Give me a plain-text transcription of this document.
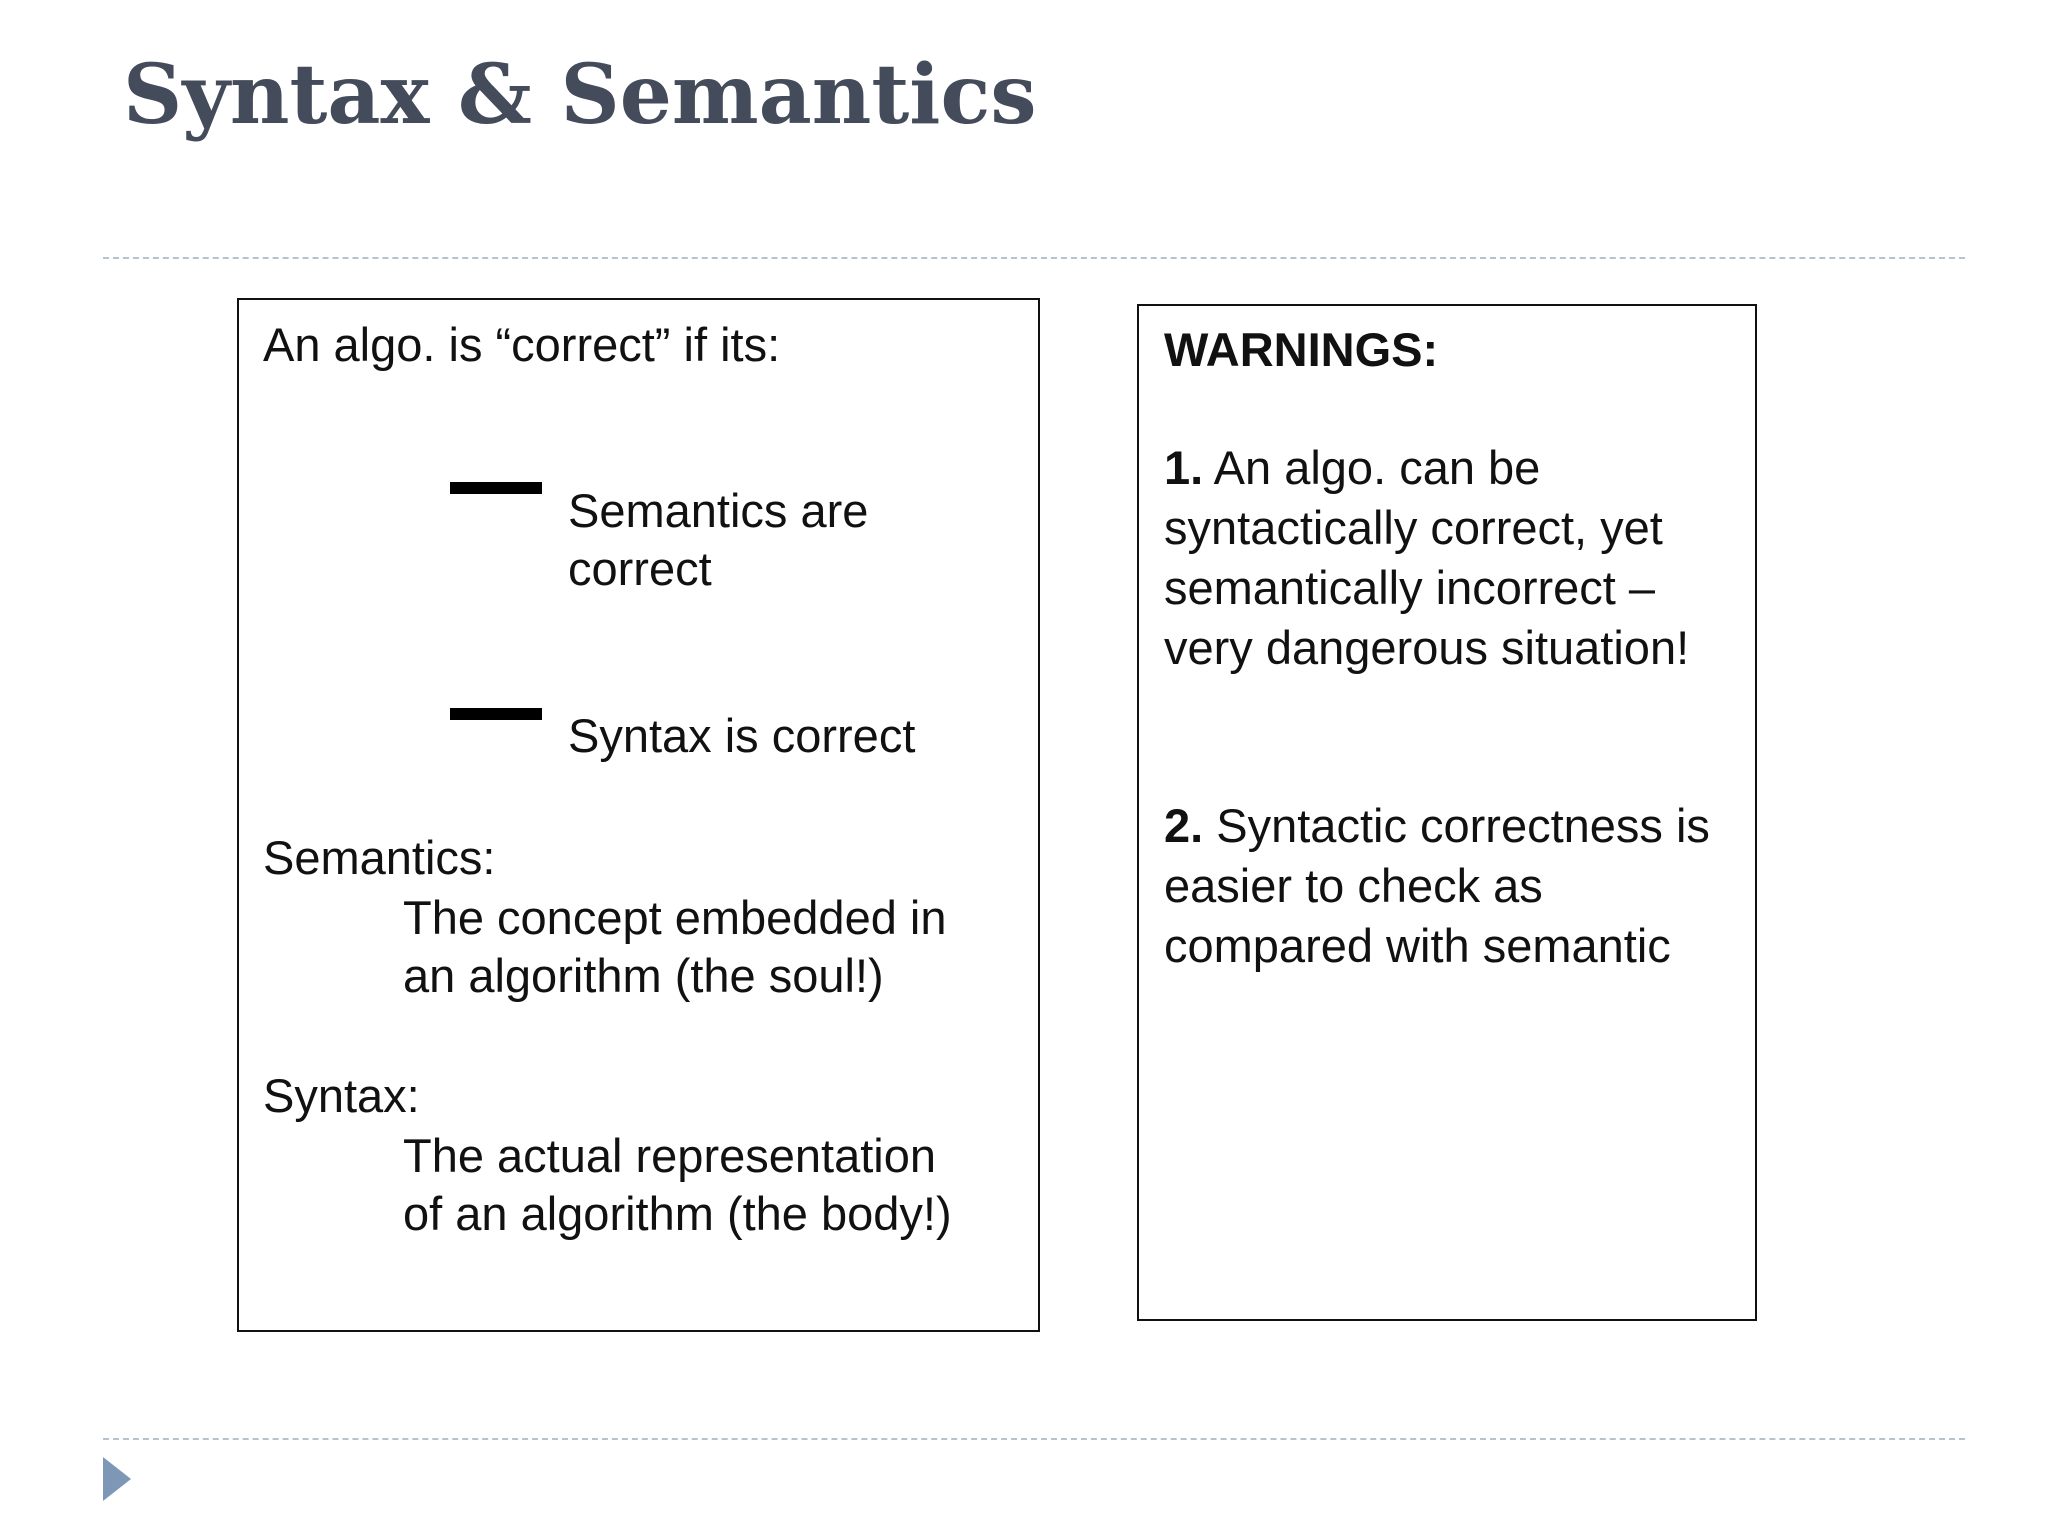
Syntax & Semantics
An algo. is “correct” if its:
Semantics are
correct
Syntax is correct
Semantics:
The concept embedded in
an algorithm (the soul!)
Syntax:
The actual representation
of an algorithm (the body!)
WARNINGS:
1. An algo. can be syntactically correct, yet semantically incorrect – very dangerous situation!
2. Syntactic correctness is easier to check as compared with semantic
